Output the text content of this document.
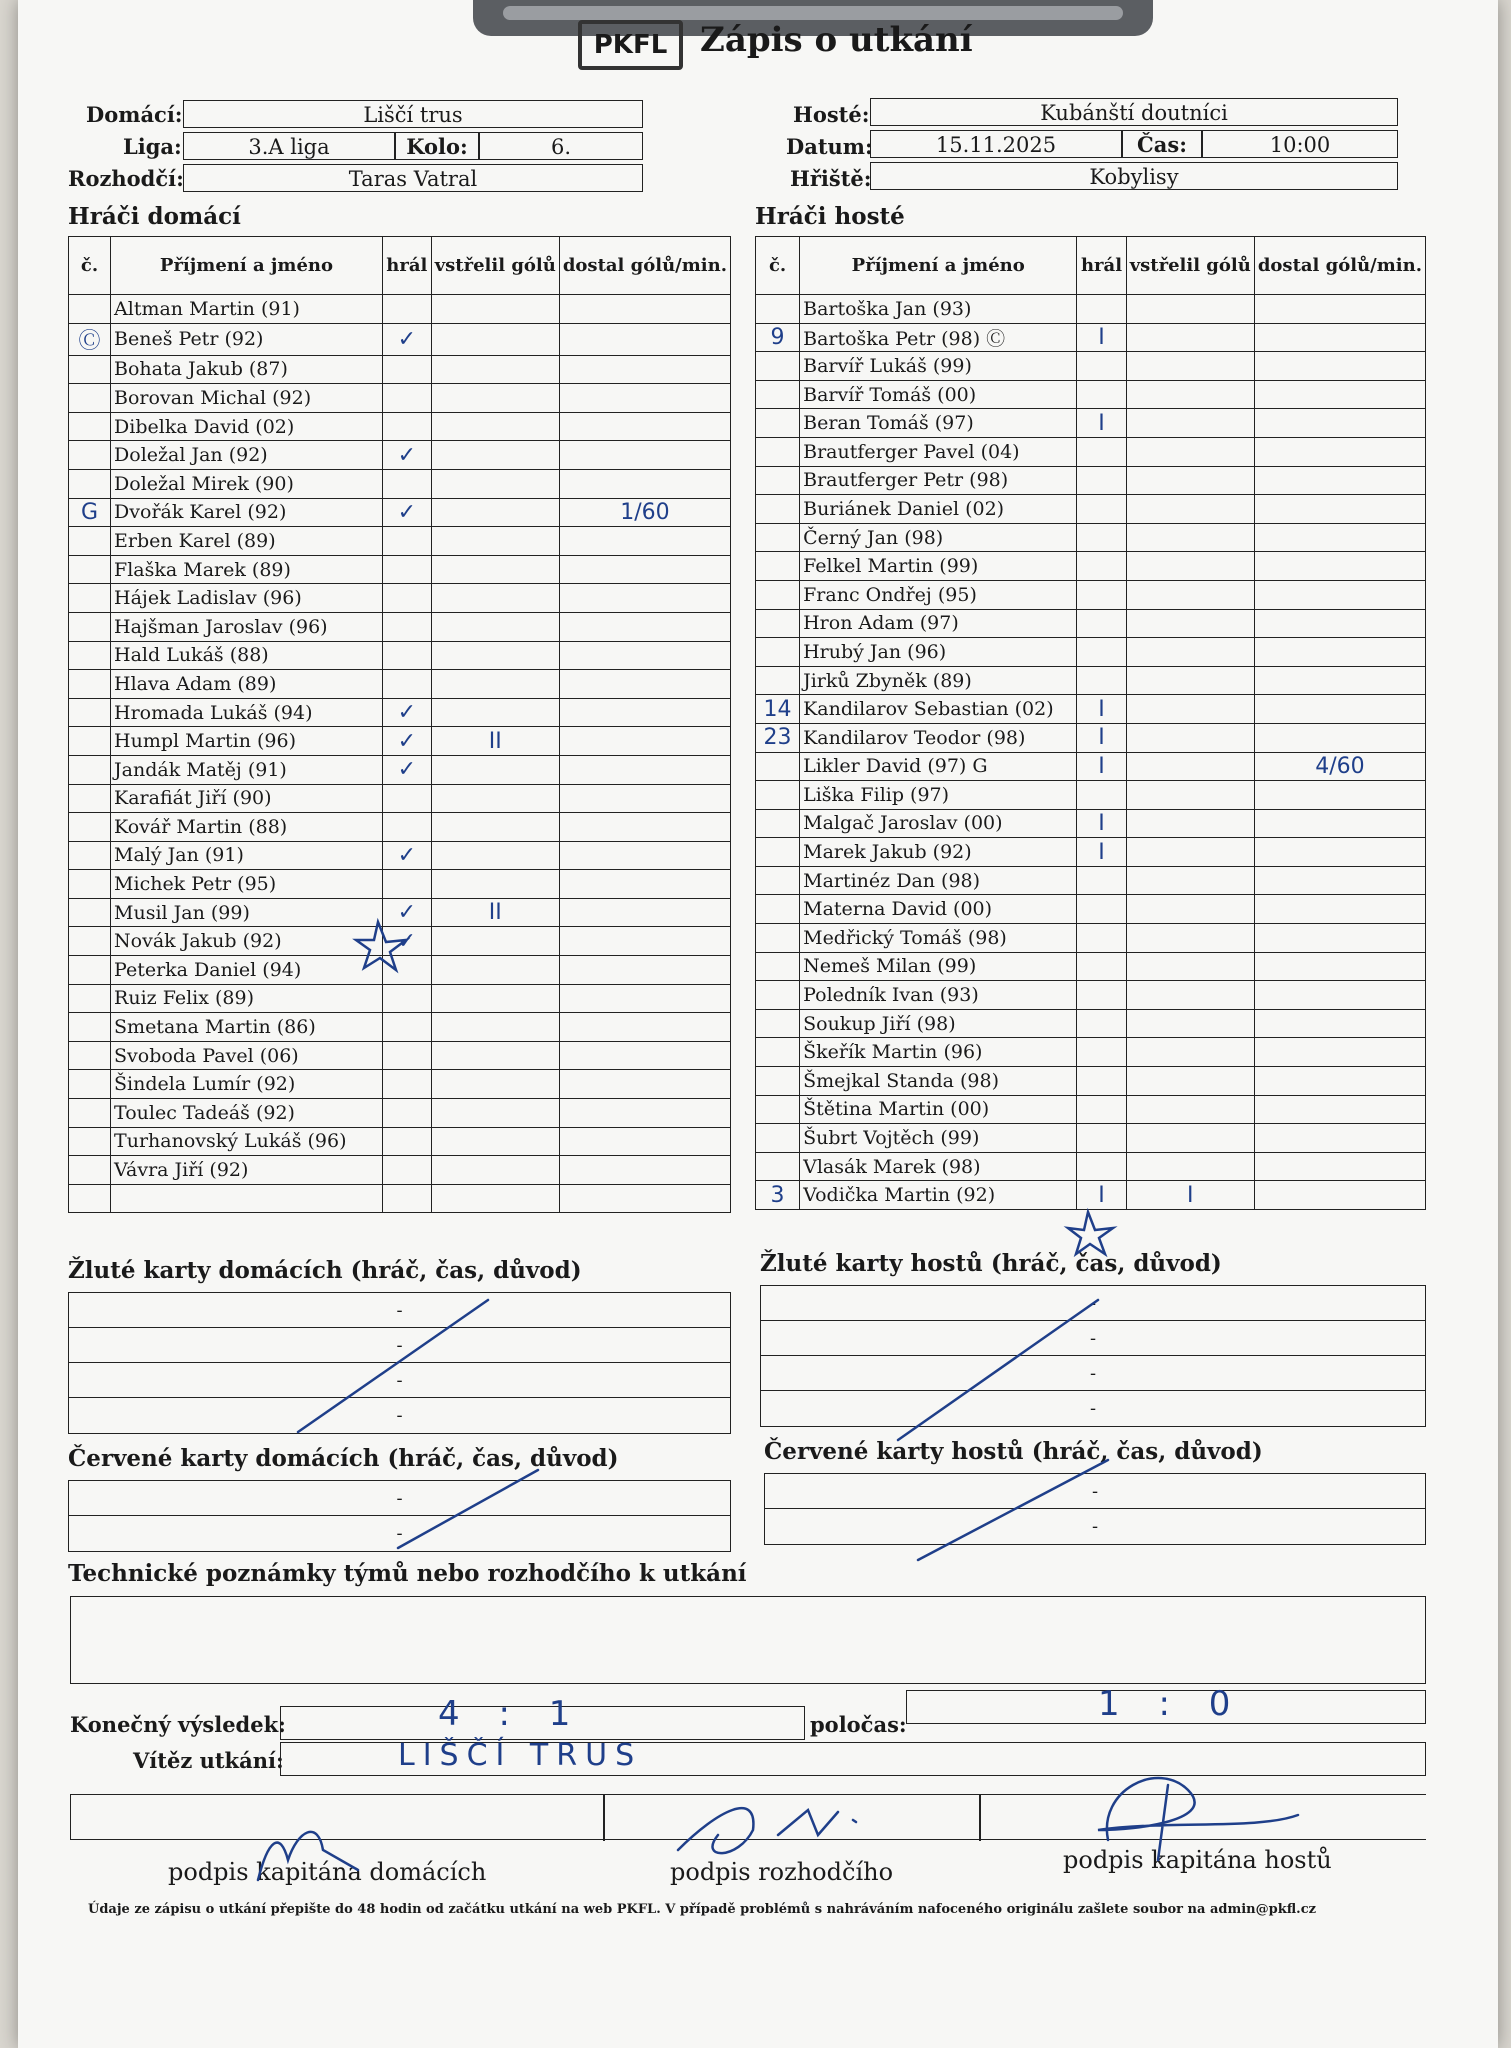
PKFL Zápis o utkání
Domácí:	Liščí trus
Liga:	3.A liga	Kolo:	6.
Rozhodčí:	Taras Vatral
Hosté:	Kubánští doutníci
Datum:	15.11.2025	Čas:	10:00
Hřiště:	Kobylisy
Hráči domácí	Hráči hosté
č.	Příjmení a jméno	hrál	vstřelil gólů	dostal gólů/min.
	Altman Martin (91)			
Ⓒ	Beneš Petr (92)	✓		
	Bohata Jakub (87)			
	Borovan Michal (92)			
	Dibelka David (02)			
	Doležal Jan (92)	✓		
	Doležal Mirek (90)			
G	Dvořák Karel (92)	✓		1/60
	Erben Karel (89)			
	Flaška Marek (89)			
	Hájek Ladislav (96)			
	Hajšman Jaroslav (96)			
	Hald Lukáš (88)			
	Hlava Adam (89)			
	Hromada Lukáš (94)	✓		
	Humpl Martin (96)	✓	II	
	Jandák Matěj (91)	✓		
	Karafiát Jiří (90)			
	Kovář Martin (88)			
	Malý Jan (91)	✓		
	Michek Petr (95)			
	Musil Jan (99)	✓	II	
	Novák Jakub (92)	✓		
	Peterka Daniel (94)			
	Ruiz Felix (89)			
	Smetana Martin (86)			
	Svoboda Pavel (06)			
	Šindela Lumír (92)			
	Toulec Tadeáš (92)			
	Turhanovský Lukáš (96)			
	Vávra Jiří (92)			

č.	Příjmení a jméno	hrál	vstřelil gólů	dostal gólů/min.
	Bartoška Jan (93)			
9	Bartoška Petr (98) Ⓒ	I		
	Barvíř Lukáš (99)			
	Barvíř Tomáš (00)			
	Beran Tomáš (97)	I		
	Brautferger Pavel (04)			
	Brautferger Petr (98)			
	Buriánek Daniel (02)			
	Černý Jan (98)			
	Felkel Martin (99)			
	Franc Ondřej (95)			
	Hron Adam (97)			
	Hrubý Jan (96)			
	Jirků Zbyněk (89)			
14	Kandilarov Sebastian (02)	I		
23	Kandilarov Teodor (98)	I		
	Likler David (97) G	I		4/60
	Liška Filip (97)			
	Malgač Jaroslav (00)	I		
	Marek Jakub (92)	I		
	Martinéz Dan (98)			
	Materna David (00)			
	Medřický Tomáš (98)			
	Nemeš Milan (99)			
	Poledník Ivan (93)			
	Soukup Jiří (98)			
	Škeřík Martin (96)			
	Šmejkal Standa (98)			
	Štětina Martin (00)			
	Šubrt Vojtěch (99)			
	Vlasák Marek (98)			
3	Vodička Martin (92)	I	I	
Žluté karty domácích (hráč, čas, důvod)
-
-
-
-
Žluté karty hostů (hráč, čas, důvod)
-
-
-
-
Červené karty domácích (hráč, čas, důvod)
-
-
Červené karty hostů (hráč, čas, důvod)
-
-
Technické poznámky týmů nebo rozhodčího k utkání
Konečný výsledek:	4 : 1	poločas:
1 : 0
Vítěz utkání:	LIŠČÍ TRUS
podpis kapitána domácích	podpis rozhodčího	podpis kapitána hostů
Údaje ze zápisu o utkání přepište do 48 hodin od začátku utkání na web PKFL. V případě problémů s nahráváním nafoceného originálu zašlete soubor na admin@pkfl.cz
